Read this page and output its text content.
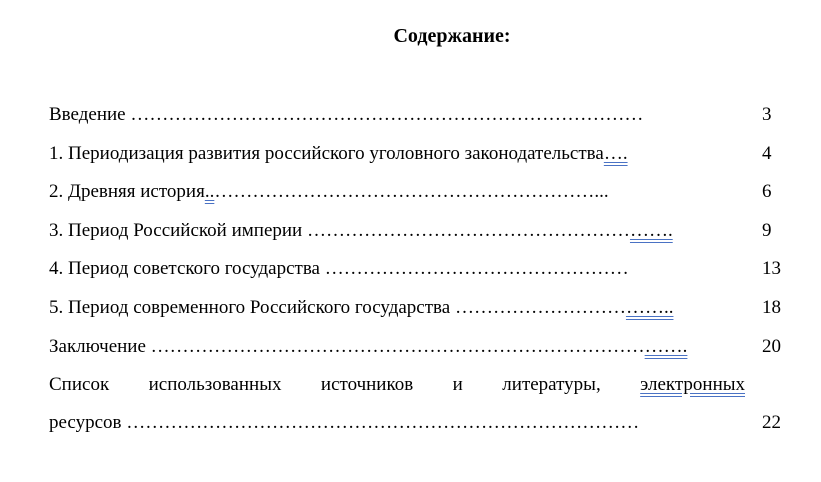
Содержание:
Введение ………………………………………………………………………	3
1. Периодизация развития российского уголовного законодательства….	4
2. Древняя история..……………………………………………………...	6
3. Период Российской империи ………………………………………………….	9
4. Период советского государства …………………………………………	13
5. Период современного Российского государства ……………………………..	18
Заключение ………………………………………………………………………….	20
Список использованных источников и литературы, электронных
ресурсов ………………………………………………………………………	22
